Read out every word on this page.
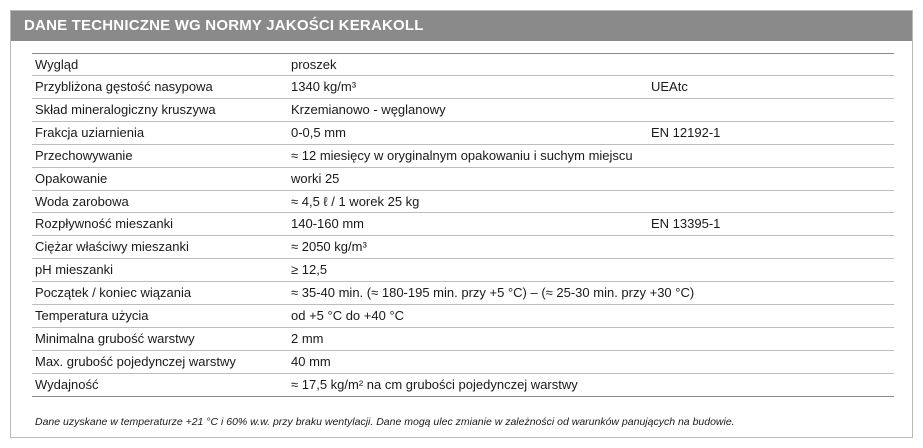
DANE TECHNICZNE WG NORMY JAKOŚCI KERAKOLL
Wygląd	proszek
Przybliżona gęstość nasypowa	1340 kg/m³	UEAtc
Skład mineralogiczny kruszywa	Krzemianowo - węglanowy
Frakcja uziarnienia	0-0,5 mm	EN 12192-1
Przechowywanie	≈ 12 miesięcy w oryginalnym opakowaniu i suchym miejscu
Opakowanie	worki 25
Woda zarobowa	≈ 4,5 ℓ / 1 worek 25 kg
Rozpływność mieszanki	140-160 mm	EN 13395-1
Ciężar właściwy mieszanki	≈ 2050 kg/m³
pH mieszanki	≥ 12,5
Początek / koniec wiązania	≈ 35-40 min. (≈ 180-195 min. przy +5 °C) – (≈ 25-30 min. przy +30 °C)
Temperatura użycia	od +5 °C do +40 °C
Minimalna grubość warstwy	2 mm
Max. grubość pojedynczej warstwy	40 mm
Wydajność	≈ 17,5 kg/m² na cm grubości pojedynczej warstwy
Dane uzyskane w temperaturze +21 °C i 60% w.w. przy braku wentylacji. Dane mogą ulec zmianie w zależności od warunków panujących na budowie.
